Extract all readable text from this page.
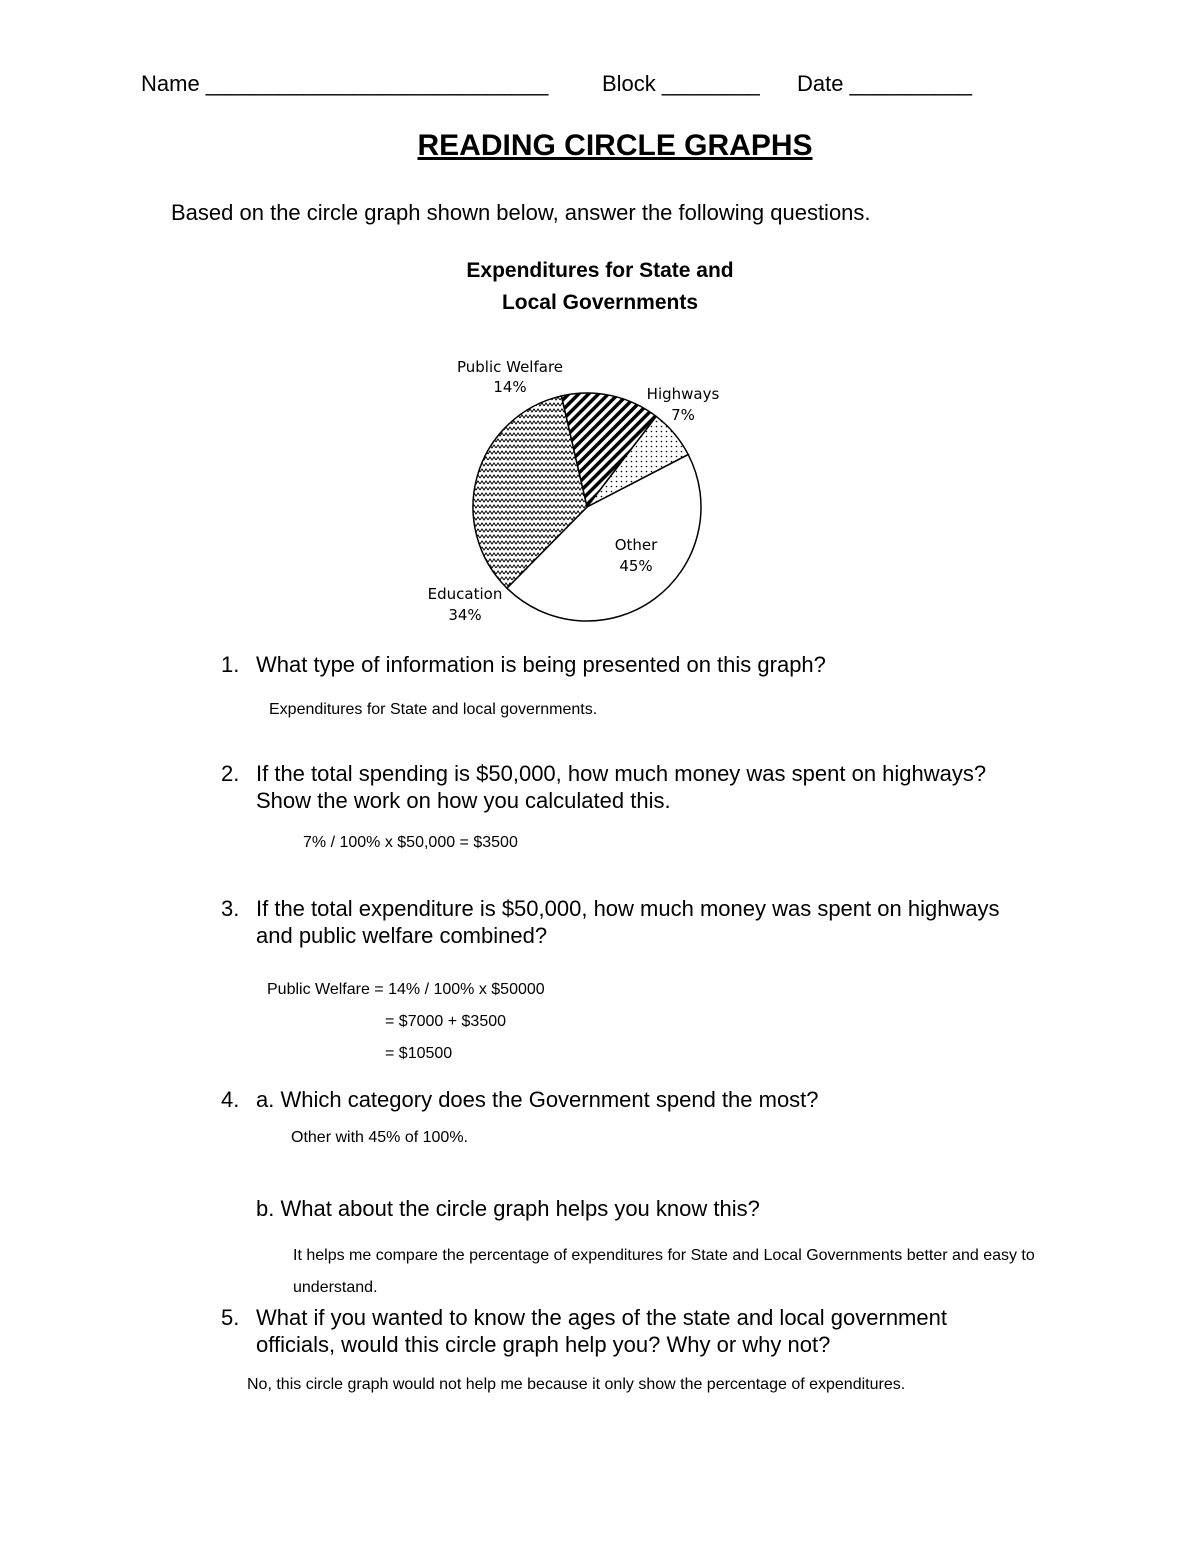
Name ____________________________ Block ________ Date __________
READING CIRCLE GRAPHS
Based on the circle graph shown below, answer the following questions.
Expenditures for State and
Local Governments
Public Welfare
14%	Highways
7%
Other
45%
Education
34%
1. What type of information is being presented on this graph?
Expenditures for State and local governments.
2. If the total spending is $50,000, how much money was spent on highways?
Show the work on how you calculated this.
7% / 100% x $50,000 = $3500
3. If the total expenditure is $50,000, how much money was spent on highways
and public welfare combined?
Public Welfare = 14% / 100% x $50000
= $7000 + $3500
= $10500
4. a. Which category does the Government spend the most?
Other with 45% of 100%.
b. What about the circle graph helps you know this?
It helps me compare the percentage of expenditures for State and Local Governments better and easy to
understand.
5. What if you wanted to know the ages of the state and local government
officials, would this circle graph help you? Why or why not?
No, this circle graph would not help me because it only show the percentage of expenditures.
